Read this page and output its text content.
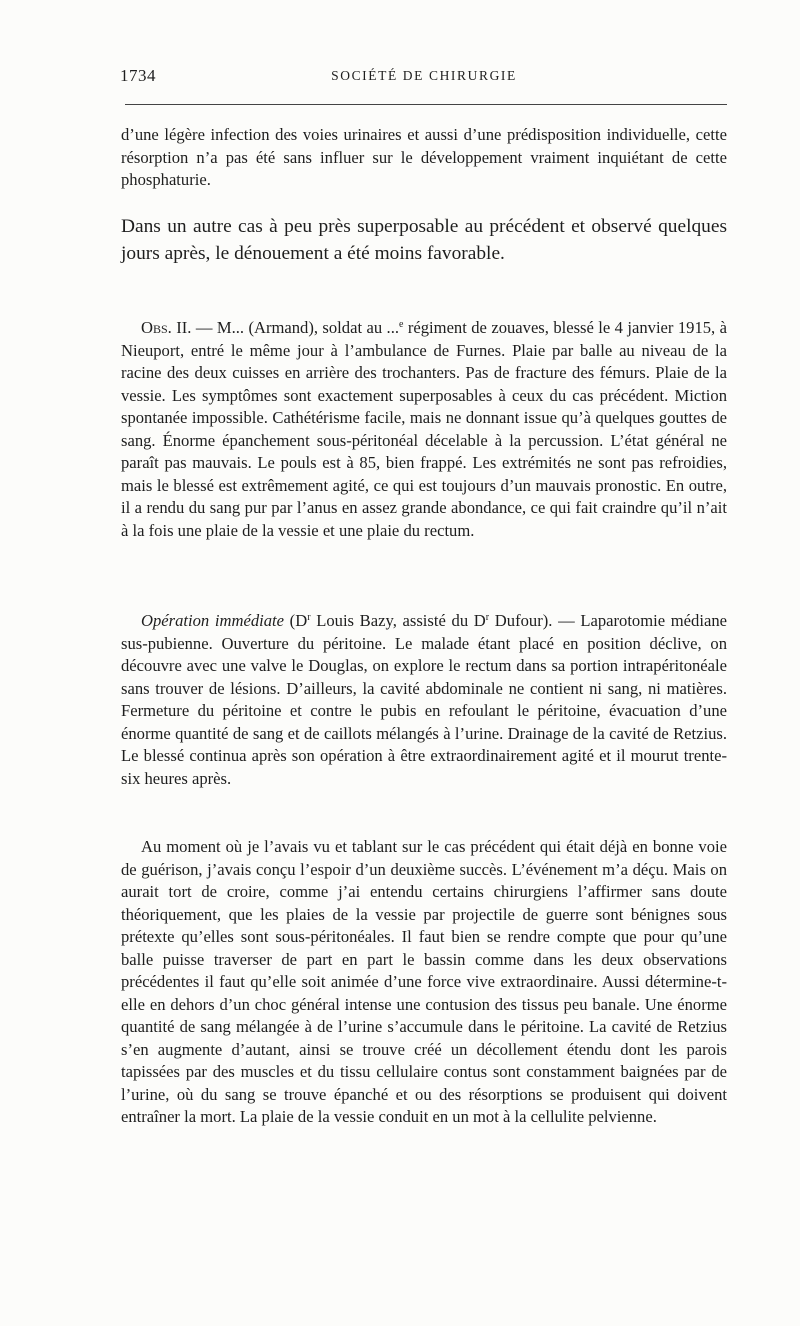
1734	SOCIÉTÉ DE CHIRURGIE

d’une légère infection des voies urinaires et aussi d’une prédisposition individuelle, cette résorption n’a pas été sans influer sur le développement vraiment inquiétant de cette phosphaturie.

Dans un autre cas à peu près superposable au précédent et observé quelques jours après, le dénouement a été moins favorable.

Obs. II. — M... (Armand), soldat au ...$^e$ régiment de zouaves, blessé le 4 janvier 1915, à Nieuport, entré le même jour à l’ambulance de Furnes. Plaie par balle au niveau de la racine des deux cuisses en arrière des trochanters. Pas de fracture des fémurs. Plaie de la vessie. Les symptômes sont exactement superposables à ceux du cas précédent. Miction spontanée impossible. Cathétérisme facile, mais ne donnant issue qu’à quelques gouttes de sang. Énorme épanchement sous-péritonéal décelable à la percussion. L’état général ne paraît pas mauvais. Le pouls est à 85, bien frappé. Les extrémités ne sont pas refroidies, mais le blessé est extrêmement agité, ce qui est toujours d’un mauvais pronostic. En outre, il a rendu du sang pur par l’anus en assez grande abondance, ce qui fait craindre qu’il n’ait à la fois une plaie de la vessie et une plaie du rectum.

Opération immédiate ($D^r$ Louis Bazy, assisté du $D^r$ Dufour). — Laparotomie médiane sus-pubienne. Ouverture du péritoine. Le malade étant placé en position déclive, on découvre avec une valve le Douglas, on explore le rectum dans sa portion intrapéritonéale sans trouver de lésions. D’ailleurs, la cavité abdominale ne contient ni sang, ni matières. Fermeture du péritoine et contre le pubis en refoulant le péritoine, évacuation d’une énorme quantité de sang et de caillots mélangés à l’urine. Drainage de la cavité de Retzius. Le blessé continua après son opération à être extraordinairement agité et il mourut trente-six heures après.

Au moment où je l’avais vu et tablant sur le cas précédent qui était déjà en bonne voie de guérison, j’avais conçu l’espoir d’un deuxième succès. L’événement m’a déçu. Mais on aurait tort de croire, comme j’ai entendu certains chirurgiens l’affirmer sans doute théoriquement, que les plaies de la vessie par projectile de guerre sont bénignes sous prétexte qu’elles sont sous-péritonéales. Il faut bien se rendre compte que pour qu’une balle puisse traverser de part en part le bassin comme dans les deux observations précédentes il faut qu’elle soit animée d’une force vive extraordinaire. Aussi détermine-t-elle en dehors d’un choc général intense une contusion des tissus peu banale. Une énorme quantité de sang mélangée à de l’urine s’accumule dans le péritoine. La cavité de Retzius s’en augmente d’autant, ainsi se trouve créé un décollement étendu dont les parois tapissées par des muscles et du tissu cellulaire contus sont constamment baignées par de l’urine, où du sang se trouve épanché et ou des résorptions se produisent qui doivent entraîner la mort. La plaie de la vessie conduit en un mot à la cellulite pelvienne.
